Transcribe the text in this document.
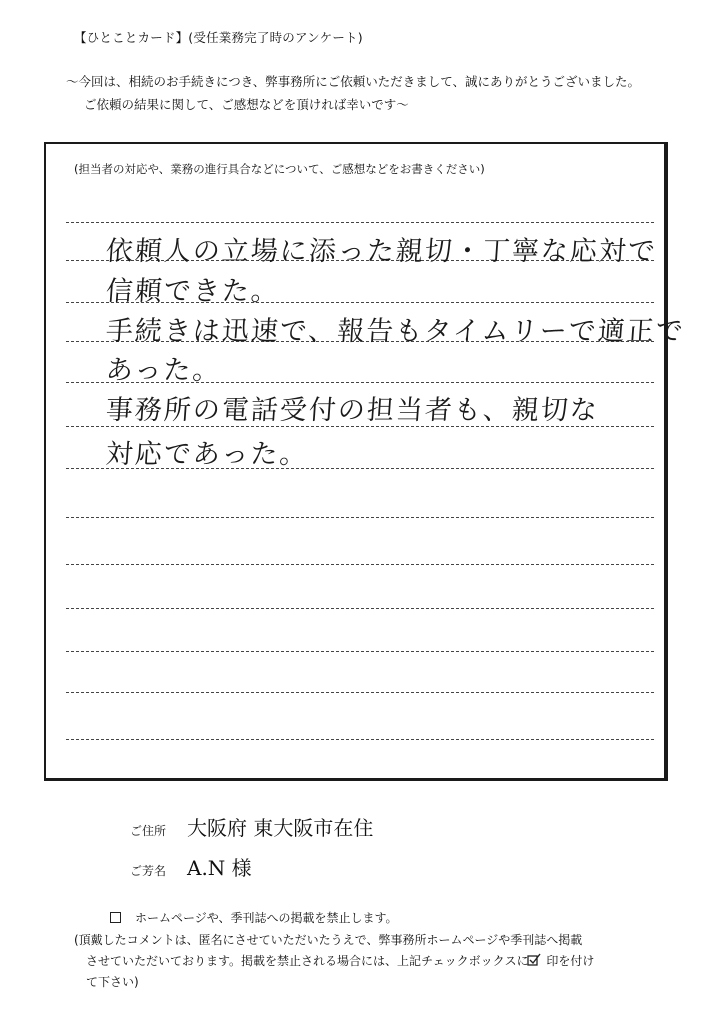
【ひとことカード】(受任業務完了時のアンケート)
～今回は、相続のお手続きにつき、弊事務所にご依頼いただきまして、誠にありがとうございました。
ご依頼の結果に関して、ご感想などを頂ければ幸いです～
(担当者の対応や、業務の進行具合などについて、ご感想などをお書きください)
依頼人の立場に添った親切・丁寧な応対で
信頼できた。
手続きは迅速で、報告もタイムリーで適正で
あった。
事務所の電話受付の担当者も、親切な
対応であった。
ご住所 大阪府 東大阪市在住
ご芳名 A.N 様
ホームページや、季刊誌への掲載を禁止します。
(頂戴したコメントは、匿名にさせていただいたうえで、弊事務所ホームページや季刊誌へ掲載
させていただいております。掲載を禁止される場合には、上記チェックボックスに 印を付け
て下さい)
